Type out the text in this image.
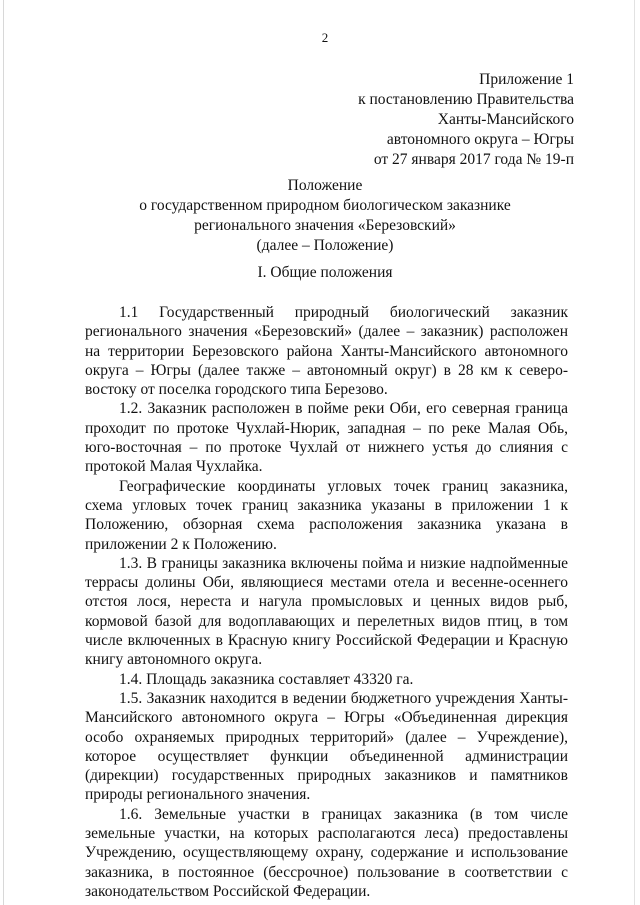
2
Приложение 1
к постановлению Правительства
Ханты-Мансийского
автономного округа – Югры
от 27 января 2017 года № 19-п
Положение
о государственном природном биологическом заказнике
регионального значения «Березовский»
(далее – Положение)
I. Общие положения

1.1 Государственный природный биологический заказник регионального значения «Березовский» (далее – заказник) расположен на территории Березовского района Ханты-Мансийского автономного округа – Югры (далее также – автономный округ) в 28 км к северо-востоку от поселка городского типа Березово.

1.2. Заказник расположен в пойме реки Оби, его северная граница проходит по протоке Чухлай-Нюрик, западная – по реке Малая Обь, юго-восточная – по протоке Чухлай от нижнего устья до слияния с протокой Малая Чухлайка.

Географические координаты угловых точек границ заказника, схема угловых точек границ заказника указаны в приложении 1 к Положению, обзорная схема расположения заказника указана в приложении 2 к Положению.

1.3. В границы заказника включены пойма и низкие надпойменные террасы долины Оби, являющиеся местами отела и весенне-осеннего отстоя лося, нереста и нагула промысловых и ценных видов рыб, кормовой базой для водоплавающих и перелетных видов птиц, в том числе включенных в Красную книгу Российской Федерации и Красную книгу автономного округа.

1.4. Площадь заказника составляет 43320 га.

1.5. Заказник находится в ведении бюджетного учреждения Ханты-Мансийского автономного округа – Югры «Объединенная дирекция особо охраняемых природных территорий» (далее – Учреждение), которое осуществляет функции объединенной администрации (дирекции) государственных природных заказников и памятников природы регионального значения.

1.6. Земельные участки в границах заказника (в том числе земельные участки, на которых располагаются леса) предоставлены Учреждению, осуществляющему охрану, содержание и использование заказника, в постоянное (бессрочное) пользование в соответствии с законодательством Российской Федерации.
